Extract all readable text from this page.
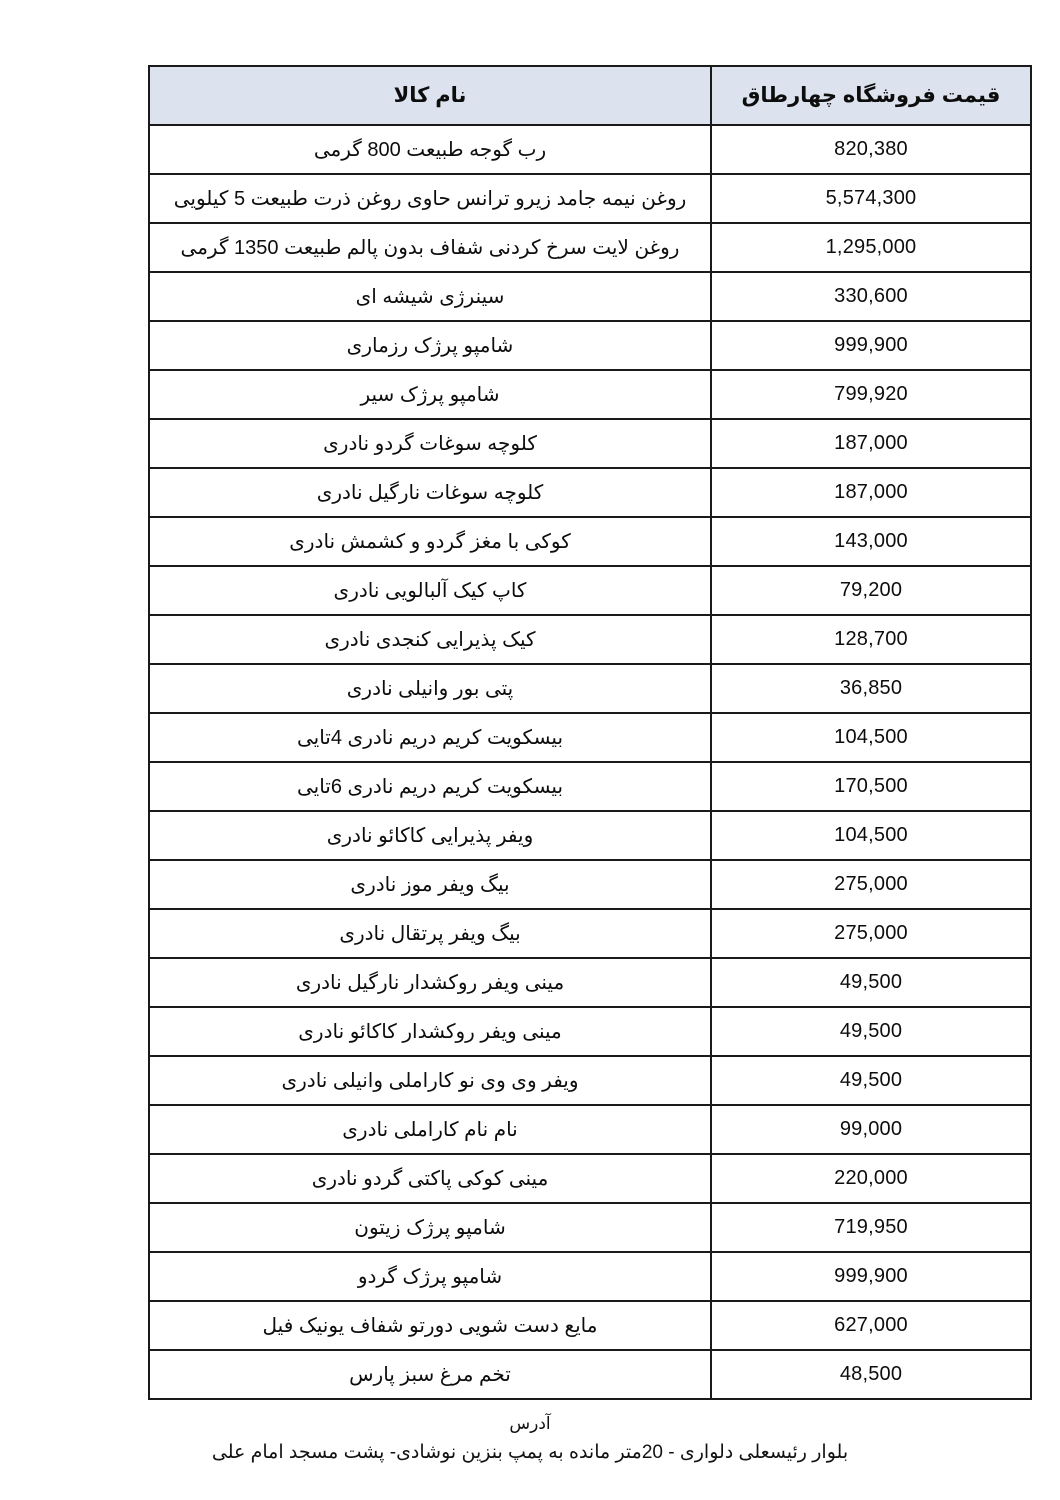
قیمت فروشگاه چهارطاق	نام کالا
820,380	رب گوجه طبیعت 800 گرمی
5,574,300	روغن نیمه جامد زیرو ترانس حاوی روغن ذرت طبیعت 5 کیلویی
1,295,000	روغن لایت سرخ کردنی شفاف بدون پالم طبیعت 1350 گرمی
330,600	سینرژی شیشه ای
999,900	شامپو پرژک رزماری
799,920	شامپو پرژک سیر
187,000	کلوچه سوغات گردو نادری
187,000	کلوچه سوغات نارگیل نادری
143,000	کوکی با مغز گردو و کشمش نادری
79,200	کاپ کیک آلبالویی نادری
128,700	کیک پذیرایی کنجدی نادری
36,850	پتی بور وانیلی نادری
104,500	بیسکویت کریم دریم نادری 4تایی
170,500	بیسکویت کریم دریم نادری 6تایی
104,500	ویفر پذیرایی کاکائو نادری
275,000	بیگ ویفر موز نادری
275,000	بیگ ویفر پرتقال نادری
49,500	مینی ویفر روکشدار نارگیل نادری
49,500	مینی ویفر روکشدار کاکائو نادری
49,500	ویفر وی وی نو کاراملی وانیلی نادری
99,000	نام نام کاراملی نادری
220,000	مینی کوکی پاکتی گردو نادری
719,950	شامپو پرژک زیتون
999,900	شامپو پرژک گردو
627,000	مایع دست شویی دورتو شفاف یونیک فیل
48,500	تخم مرغ سبز پارس
آدرس
بلوار رئیسعلی دلواری - 20متر مانده به پمپ بنزین نوشادی- پشت مسجد امام علی
